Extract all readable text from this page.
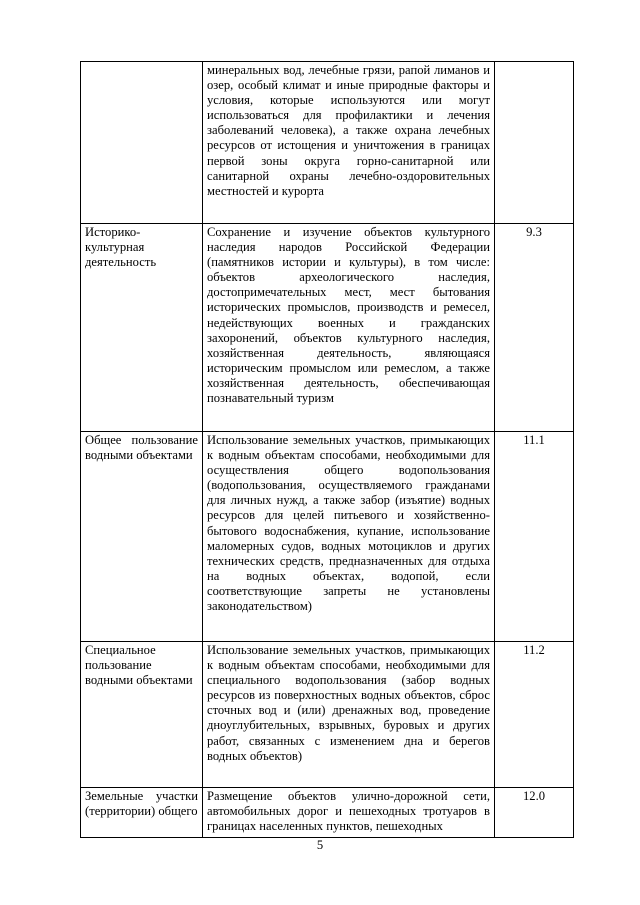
	минеральных вод, лечебные грязи, рапой лиманов и озер, особый климат и иные природные факторы и условия, которые используются или могут использоваться для профилактики и лечения заболеваний человека), а также охрана лечебных ресурсов от истощения и уничтожения в границах первой зоны округа горно-санитарной или санитарной охраны лечебно-оздоровительных местностей и курорта	
Историко-культурная деятельность	Сохранение и изучение объектов культурного наследия народов Российской Федерации (памятников истории и культуры), в том числе: объектов археологического наследия, достопримечательных мест, мест бытования исторических промыслов, производств и ремесел, недействующих военных и гражданских захоронений, объектов культурного наследия, хозяйственная деятельность, являющаяся историческим промыслом или ремеслом, а также хозяйственная деятельность, обеспечивающая познавательный туризм	9.3
Общее пользование водными объектами	Использование земельных участков, примыкающих к водным объектам способами, необходимыми для осуществления общего водопользования (водопользования, осуществляемого гражданами для личных нужд, а также забор (изъятие) водных ресурсов для целей питьевого и хозяйственно-бытового водоснабжения, купание, использование маломерных судов, водных мотоциклов и других технических средств, предназначенных для отдыха на водных объектах, водопой, если соответствующие запреты не установлены законодательством)	11.1
Специальное пользование водными объектами	Использование земельных участков, примыкающих к водным объектам способами, необходимыми для специального водопользования (забор водных ресурсов из поверхностных водных объектов, сброс сточных вод и (или) дренажных вод, проведение дноуглубительных, взрывных, буровых и других работ, связанных с изменением дна и берегов водных объектов)	11.2
Земельные участки (территории) общего	Размещение объектов улично-дорожной сети, автомобильных дорог и пешеходных тротуаров в границах населенных пунктов, пешеходных	12.0
5
